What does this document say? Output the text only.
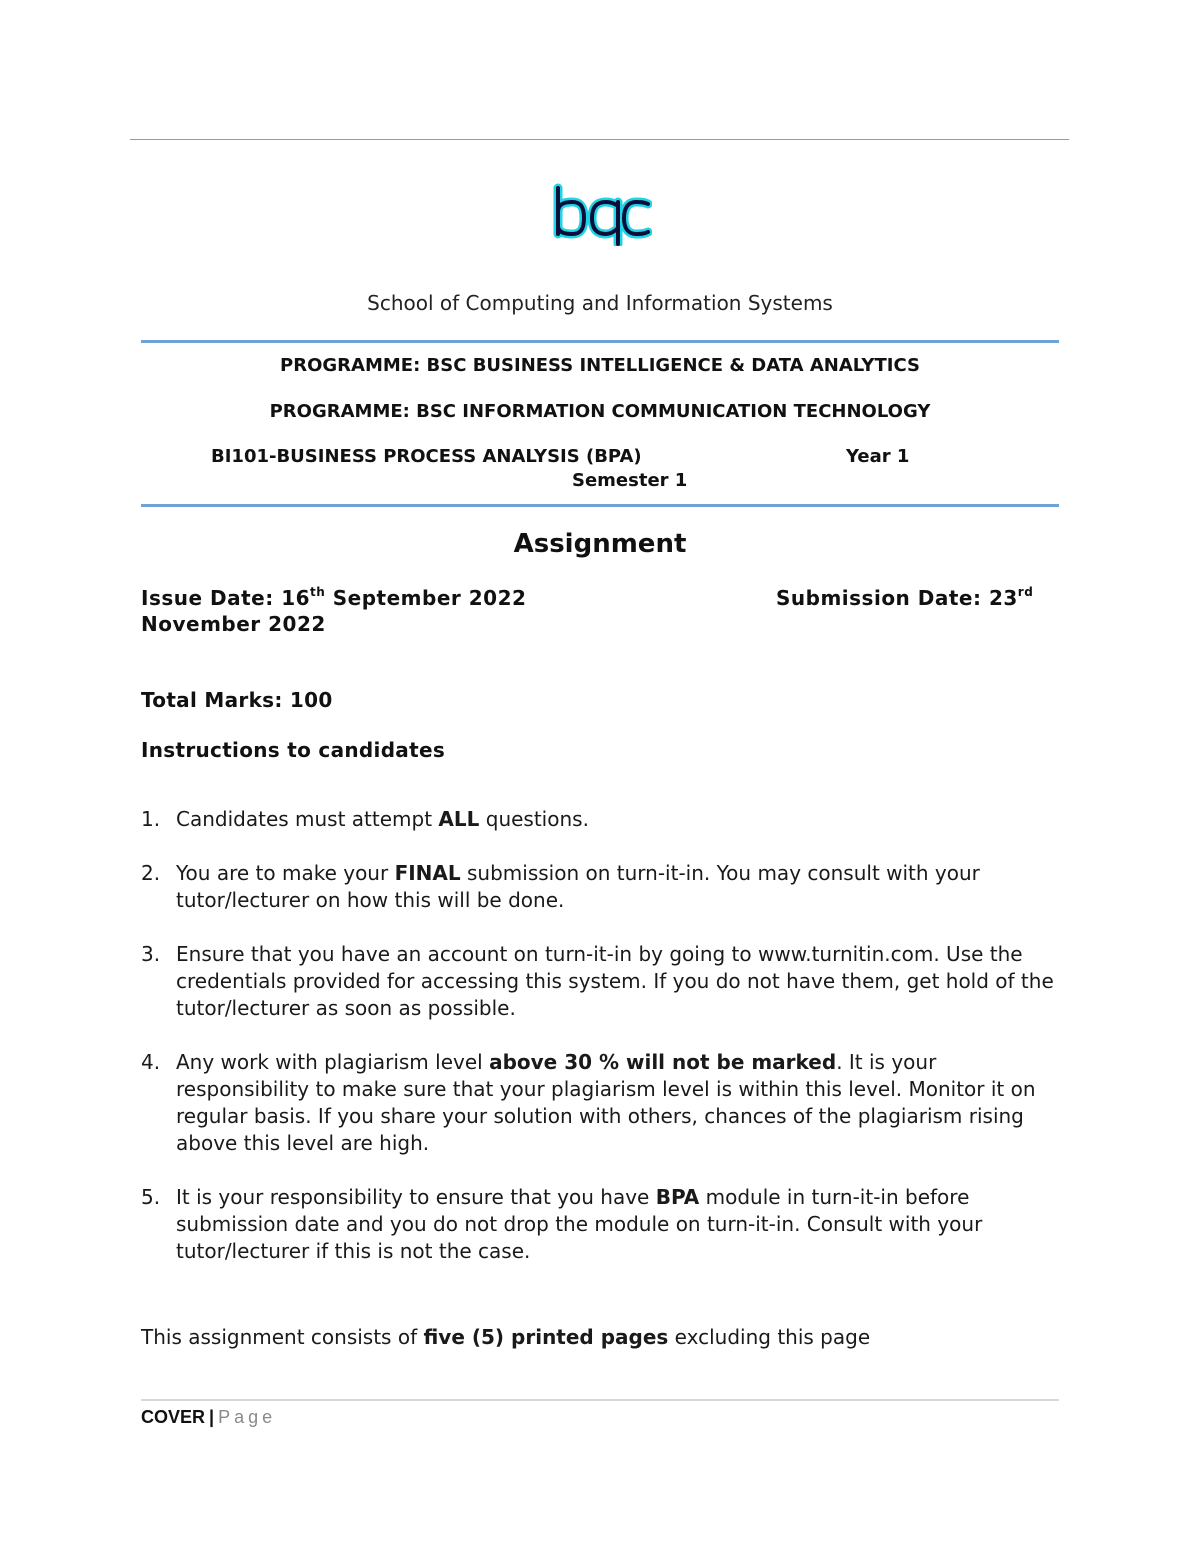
School of Computing and Information Systems
PROGRAMME: BSC BUSINESS INTELLIGENCE & DATA ANALYTICS
PROGRAMME: BSC INFORMATION COMMUNICATION TECHNOLOGY
BI101-BUSINESS PROCESS ANALYSIS (BPA)	Year 1
Semester 1
Assignment
Issue Date: 16th September 2022	Submission Date: 23rd
November 2022
Total Marks: 100
Instructions to candidates
1. Candidates must attempt ALL questions.
2. You are to make your FINAL submission on turn-it-in. You may consult with your tutor/lecturer on how this will be done.
3. Ensure that you have an account on turn-it-in by going to www.turnitin.com. Use the credentials provided for accessing this system. If you do not have them, get hold of the tutor/lecturer as soon as possible.
4. Any work with plagiarism level above 30 % will not be marked. It is your responsibility to make sure that your plagiarism level is within this level. Monitor it on regular basis. If you share your solution with others, chances of the plagiarism rising above this level are high.
5. It is your responsibility to ensure that you have BPA module in turn-it-in before submission date and you do not drop the module on turn-it-in. Consult with your tutor/lecturer if this is not the case.
This assignment consists of five (5) printed pages excluding this page
COVER | Page
